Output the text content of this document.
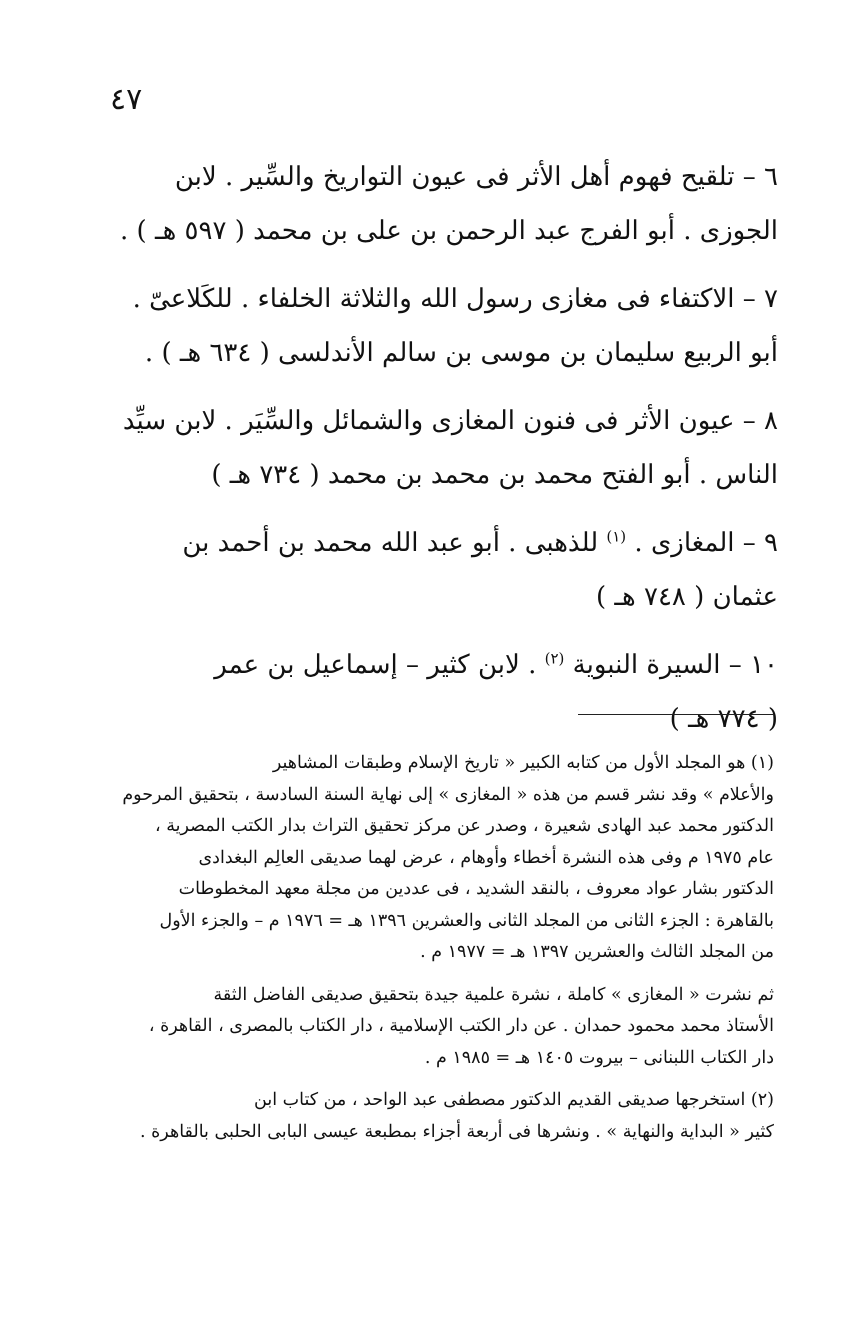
٤٧

٦ – تلقيح فهوم أهل الأثر فى عيون التواريخ والسِّير . لابن
الجوزى . أبو الفرج عبد الرحمن بن على بن محمد ( ٥٩٧ هـ ) .

٧ – الاكتفاء فى مغازى رسول الله والثلاثة الخلفاء . للكَلاعىّ .
أبو الربيع سليمان بن موسى بن سالم الأندلسى ( ٦٣٤ هـ ) .

٨ – عيون الأثر فى فنون المغازى والشمائل والسِّيَر . لابن سيِّد
الناس . أبو الفتح محمد بن محمد بن محمد ( ٧٣٤ هـ )

٩ – المغازى . $^{(١)}$ للذهبى . أبو عبد الله محمد بن أحمد بن
عثمان ( ٧٤٨ هـ )

١٠ – السيرة النبوية $^{(٢)}$ . لابن كثير – إسماعيل بن عمر
( ٧٧٤ هـ )

(١) هو المجلد الأول من كتابه الكبير « تاريخ الإسلام وطبقات المشاهير
والأعلام » وقد نشر قسم من هذه « المغازى » إلى نهاية السنة السادسة ، بتحقيق المرحوم
الدكتور محمد عبد الهادى شعيرة ، وصدر عن مركز تحقيق التراث بدار الكتب المصرية ،
عام ١٩٧٥ م وفى هذه النشرة أخطاء وأوهام ، عرض لهما صديقى العالِم البغدادى
الدكتور بشار عواد معروف ، بالنقد الشديد ، فى عددين من مجلة معهد المخطوطات
بالقاهرة : الجزء الثانى من المجلد الثانى والعشرين ١٣٩٦ هـ = ١٩٧٦ م – والجزء الأول
من المجلد الثالث والعشرين ١٣٩٧ هـ = ١٩٧٧ م .

ثم نشرت « المغازى » كاملة ، نشرة علمية جيدة بتحقيق صديقى الفاضل الثقة
الأستاذ محمد محمود حمدان . عن دار الكتب الإسلامية ، دار الكتاب بالمصرى ، القاهرة ،
دار الكتاب اللبنانى – بيروت ١٤٠٥ هـ = ١٩٨٥ م .

(٢) استخرجها صديقى القديم الدكتور مصطفى عبد الواحد ، من كتاب ابن
كثير « البداية والنهاية » . ونشرها فى أربعة أجزاء بمطبعة عيسى البابى الحلبى بالقاهرة .
